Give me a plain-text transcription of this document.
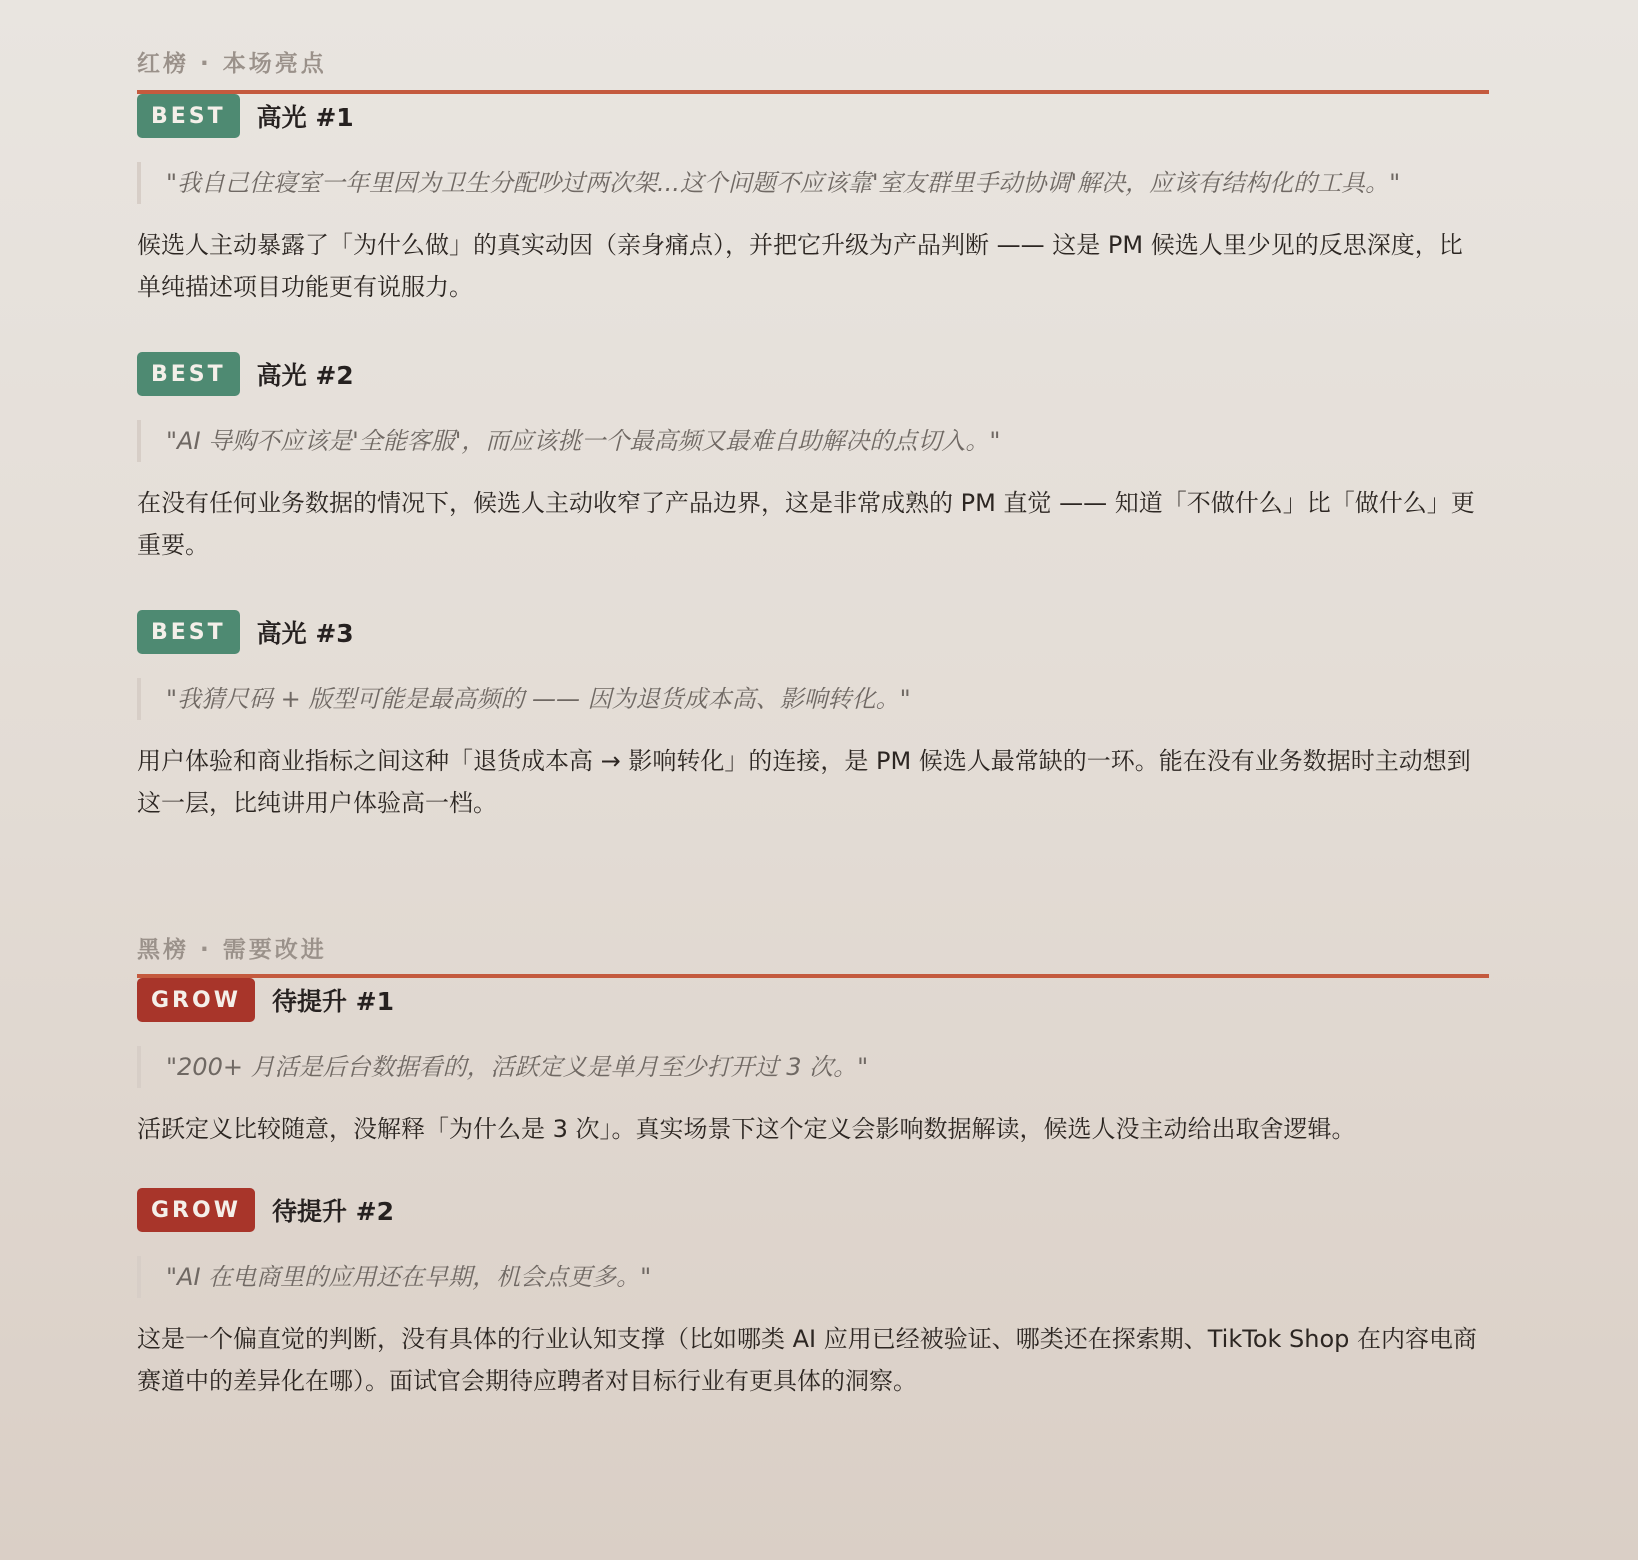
红榜 · 本场亮点
BEST	高光 #1
"我自己住寝室一年里因为卫生分配吵过两次架...这个问题不应该靠'室友群里手动协调'解决，应该有结构化的工具。"

候选人主动暴露了「为什么做」的真实动因（亲身痛点），并把它升级为产品判断 —— 这是 PM 候选人里少见的反思深度，比单纯描述项目功能更有说服力。

BEST	高光 #2
"AI 导购不应该是'全能客服'，而应该挑一个最高频又最难自助解决的点切入。"

在没有任何业务数据的情况下，候选人主动收窄了产品边界，这是非常成熟的 PM 直觉 —— 知道「不做什么」比「做什么」更重要。

BEST	高光 #3
"我猜尺码 + 版型可能是最高频的 —— 因为退货成本高、影响转化。"

用户体验和商业指标之间这种「退货成本高 → 影响转化」的连接，是 PM 候选人最常缺的一环。能在没有业务数据时主动想到这一层，比纯讲用户体验高一档。

黑榜 · 需要改进
GROW	待提升 #1
"200+ 月活是后台数据看的，活跃定义是单月至少打开过 3 次。"

活跃定义比较随意，没解释「为什么是 3 次」。真实场景下这个定义会影响数据解读，候选人没主动给出取舍逻辑。

GROW	待提升 #2
"AI 在电商里的应用还在早期，机会点更多。"

这是一个偏直觉的判断，没有具体的行业认知支撑（比如哪类 AI 应用已经被验证、哪类还在探索期、TikTok Shop 在内容电商赛道中的差异化在哪）。面试官会期待应聘者对目标行业有更具体的洞察。
